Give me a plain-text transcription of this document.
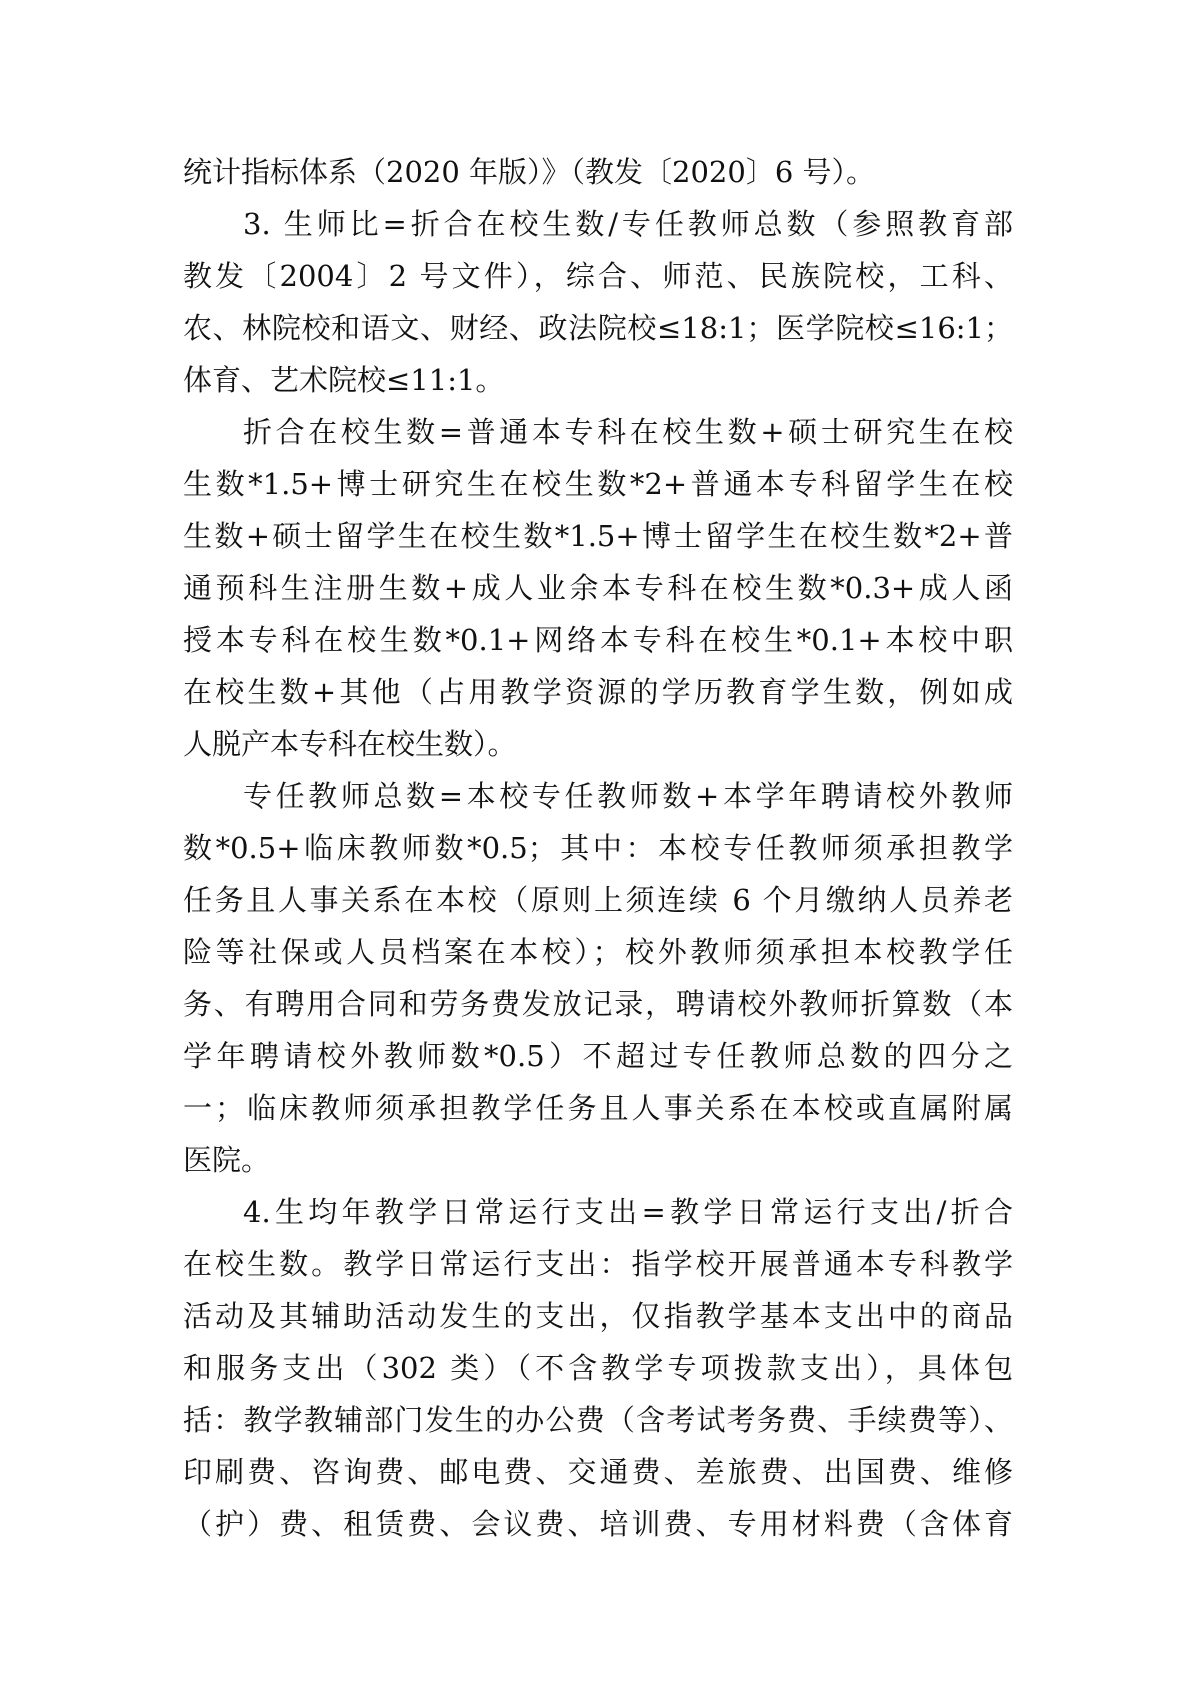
统计指标体系（2020 年版）》（教发〔2020〕6 号）。
3. 生师比=折合在校生数/专任教师总数（参照教育部
教发〔2004〕2 号文件），综合、师范、民族院校，工科、
农、林院校和语文、财经、政法院校≤18:1；医学院校≤16:1；
体育、艺术院校≤11:1。
折合在校生数=普通本专科在校生数+硕士研究生在校
生数*1.5+博士研究生在校生数*2+普通本专科留学生在校
生数+硕士留学生在校生数*1.5+博士留学生在校生数*2+普
通预科生注册生数+成人业余本专科在校生数*0.3+成人函
授本专科在校生数*0.1+网络本专科在校生*0.1+本校中职
在校生数+其他（占用教学资源的学历教育学生数，例如成
人脱产本专科在校生数）。
专任教师总数=本校专任教师数+本学年聘请校外教师
数*0.5+临床教师数*0.5；其中：本校专任教师须承担教学
任务且人事关系在本校（原则上须连续 6 个月缴纳人员养老
险等社保或人员档案在本校）；校外教师须承担本校教学任
务、有聘用合同和劳务费发放记录，聘请校外教师折算数（本
学年聘请校外教师数*0.5）不超过专任教师总数的四分之
一；临床教师须承担教学任务且人事关系在本校或直属附属
医院。
4.生均年教学日常运行支出=教学日常运行支出/折合
在校生数。教学日常运行支出：指学校开展普通本专科教学
活动及其辅助活动发生的支出，仅指教学基本支出中的商品
和服务支出（302 类）（不含教学专项拨款支出），具体包
括：教学教辅部门发生的办公费（含考试考务费、手续费等）、
印刷费、咨询费、邮电费、交通费、差旅费、出国费、维修
（护）费、租赁费、会议费、培训费、专用材料费（含体育
